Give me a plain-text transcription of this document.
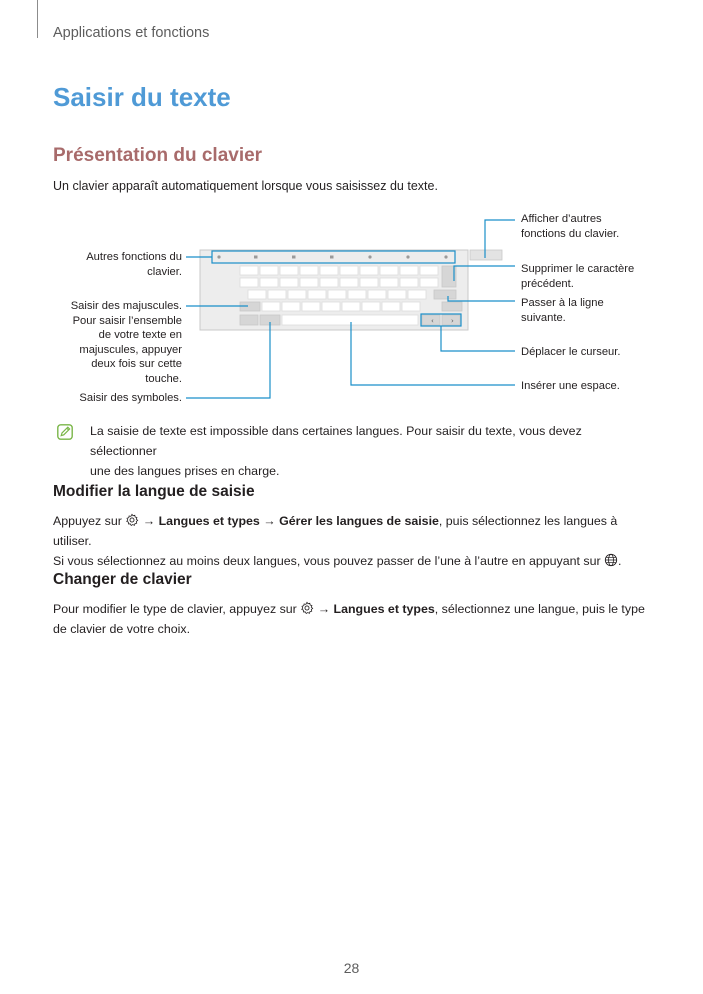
Applications et fonctions
Saisir du texte
Présentation du clavier
Un clavier apparaît automatiquement lorsque vous saisissez du texte.
‹ ›
Afficher d’autres
fonctions du clavier.
Supprimer le caractère
précédent.
Passer à la ligne
suivante.
Déplacer le curseur.
Insérer une espace.
Autres fonctions du
clavier.
Saisir des majuscules.
Pour saisir l’ensemble
de votre texte en
majuscules, appuyer
deux fois sur cette
touche.
Saisir des symboles.
La saisie de texte est impossible dans certaines langues. Pour saisir du texte, vous devez sélectionner
une des langues prises en charge.
Modifier la langue de saisie
Appuyez sur  → Langues et types → Gérer les langues de saisie, puis sélectionnez les langues à utiliser.
Si vous sélectionnez au moins deux langues, vous pouvez passer de l’une à l’autre en appuyant sur .
Changer de clavier
Pour modifier le type de clavier, appuyez sur  → Langues et types, sélectionnez une langue, puis le type
de clavier de votre choix.
28
